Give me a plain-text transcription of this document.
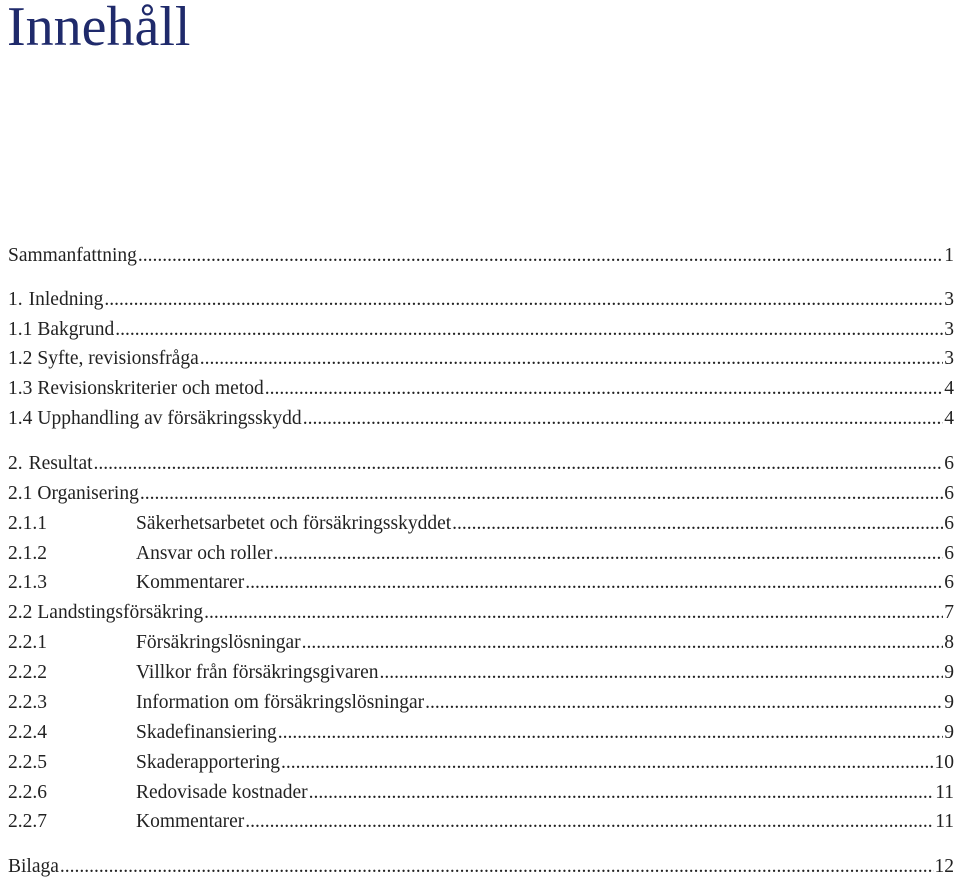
Innehåll
Sammanfattning .....	1
1. Inledning .....	3
1.1 Bakgrund .....	3
1.2 Syfte, revisionsfråga .....	3
1.3 Revisionskriterier och metod .....	4
1.4 Upphandling av försäkringsskydd .....	4
2. Resultat .....	6
2.1 Organisering .....	6
2.1.1	Säkerhetsarbetet och försäkringsskyddet .....	6
2.1.2	Ansvar och roller .....	6
2.1.3	Kommentarer .....	6
2.2 Landstingsförsäkring .....	7
2.2.1	Försäkringslösningar .....	8
2.2.2	Villkor från försäkringsgivaren .....	9
2.2.3	Information om försäkringslösningar .....	9
2.2.4	Skadefinansiering .....	9
2.2.5	Skaderapportering .....	10
2.2.6	Redovisade kostnader .....	11
2.2.7	Kommentarer .....	11
Bilaga .....	12
